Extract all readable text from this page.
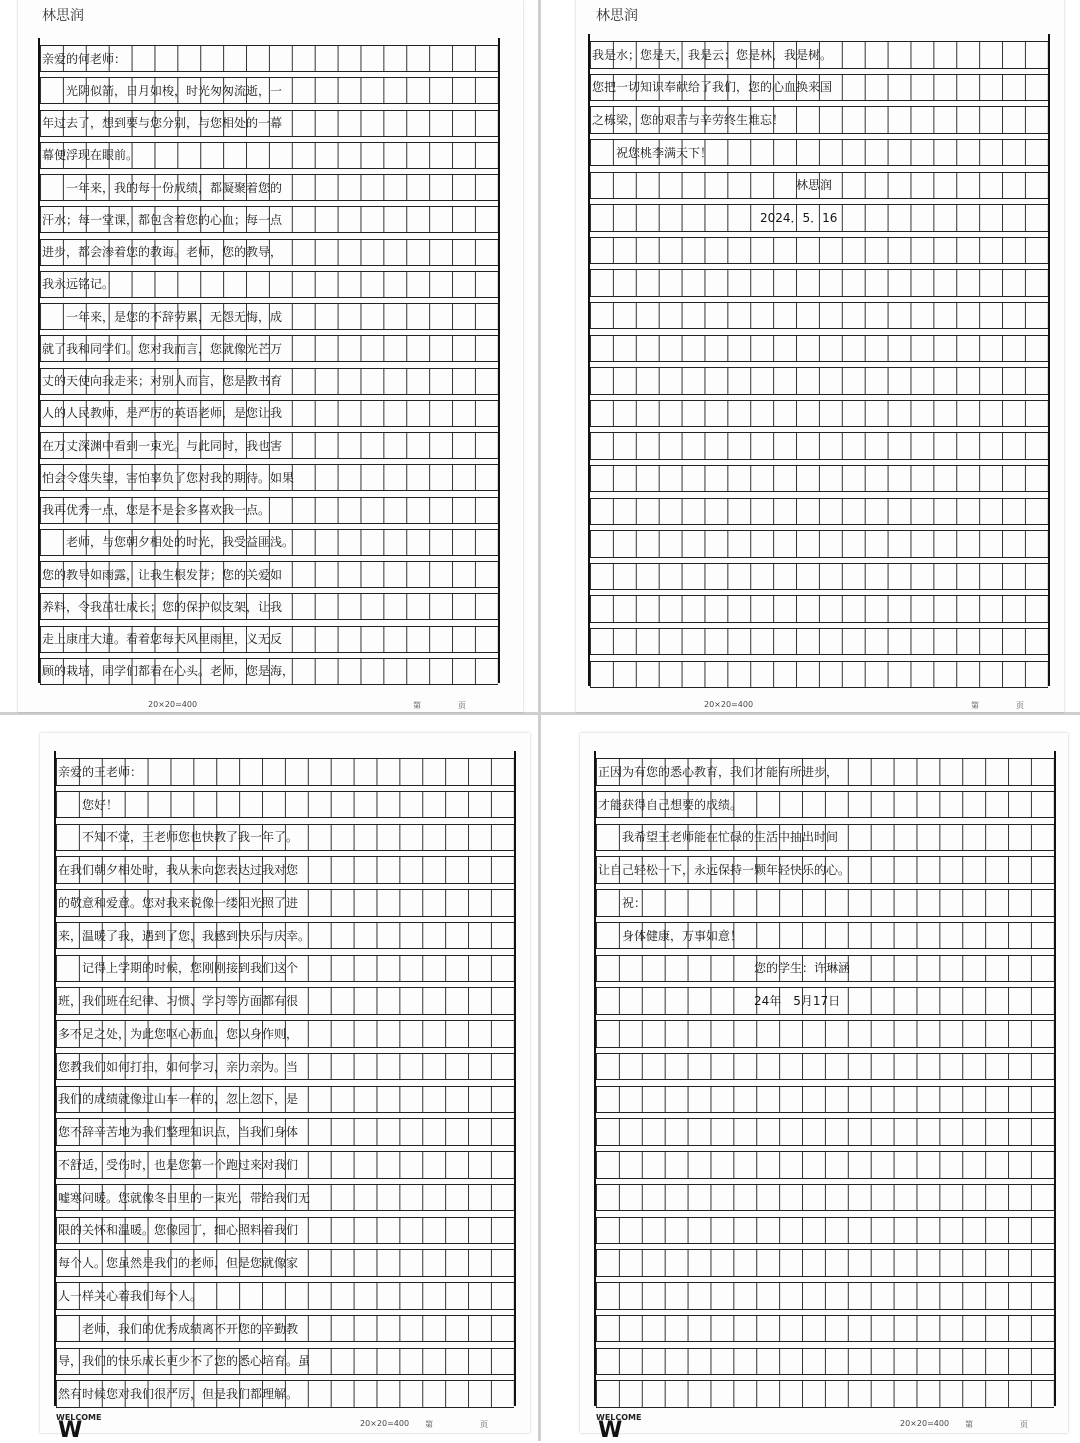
林思润
亲爱的何老师：
　　光阴似箭，日月如梭，时光匆匆流逝，一
年过去了，想到要与您分别，与您相处的一幕
幕便浮现在眼前。
　　一年来，我的每一份成绩，都凝聚着您的
汗水；每一堂课，都包含着您的心血；每一点
进步，都会渗着您的教诲。老师，您的教导，
我永远铭记。
　　一年来，是您的不辞劳累，无怨无悔，成
就了我和同学们。您对我而言，您就像光芒万
丈的天使向我走来；对别人而言，您是教书育
人的人民教师，是严厉的英语老师，是您让我
在万丈深渊中看到一束光。与此同时，我也害
怕会令您失望，害怕辜负了您对我的期待。如果
我再优秀一点，您是不是会多喜欢我一点。
　　老师，与您朝夕相处的时光，我受益匪浅。
您的教导如雨露，让我生根发芽；您的关爱如
养料，令我茁壮成长；您的保护似支架，让我
走上康庄大道。看着您每天风里雨里，义无反
顾的栽培，同学们都看在心头。老师，您是海，
20×20=400	第	页
林思润
我是水；您是天，我是云；您是林，我是树。
您把一切知识奉献给了我们，您的心血换来国
之栋梁，您的艰苦与辛劳终生难忘！
　　祝您桃李满天下！
　　　　　　　　　　　　　　　　　林思润
　　　　　　　　　　　　　　2024．5．16
20×20=400	第	页
亲爱的王老师：
　　您好！
　　不知不觉，王老师您也快教了我一年了。
在我们朝夕相处时，我从未向您表达过我对您
的敬意和爱意。您对我来说像一缕阳光照了进
来，温暖了我，遇到了您，我感到快乐与庆幸。
　　记得上学期的时候，您刚刚接到我们这个
班，我们班在纪律、习惯、学习等方面都有很
多不足之处，为此您呕心沥血，您以身作则，
您教我们如何打扫，如何学习，亲力亲为。当
我们的成绩就像过山车一样的，忽上忽下，是
您不辞辛苦地为我们整理知识点，当我们身体
不舒适，受伤时，也是您第一个跑过来对我们
嘘寒问暖。您就像冬日里的一束光，带给我们无
限的关怀和温暖。您像园丁，细心照料着我们
每个人。您虽然是我们的老师，但是您就像家
人一样关心着我们每个人。
　　老师，我们的优秀成绩离不开您的辛勤教
导，我们的快乐成长更少不了您的悉心培育。虽
然有时候您对我们很严厉，但是我们都理解。
WELCOME
W	20×20=400 第	页
正因为有您的悉心教育，我们才能有所进步，
才能获得自己想要的成绩。
　　我希望王老师能在忙碌的生活中抽出时间
让自己轻松一下，永远保持一颗年轻快乐的心。
　　祝：
　　身体健康，万事如意！
　　　　　　　　　　　　　您的学生：许琳涵
　　　　　　　　　　　　　24年　5月17日
WELCOME
W	20×20=400 第	页
